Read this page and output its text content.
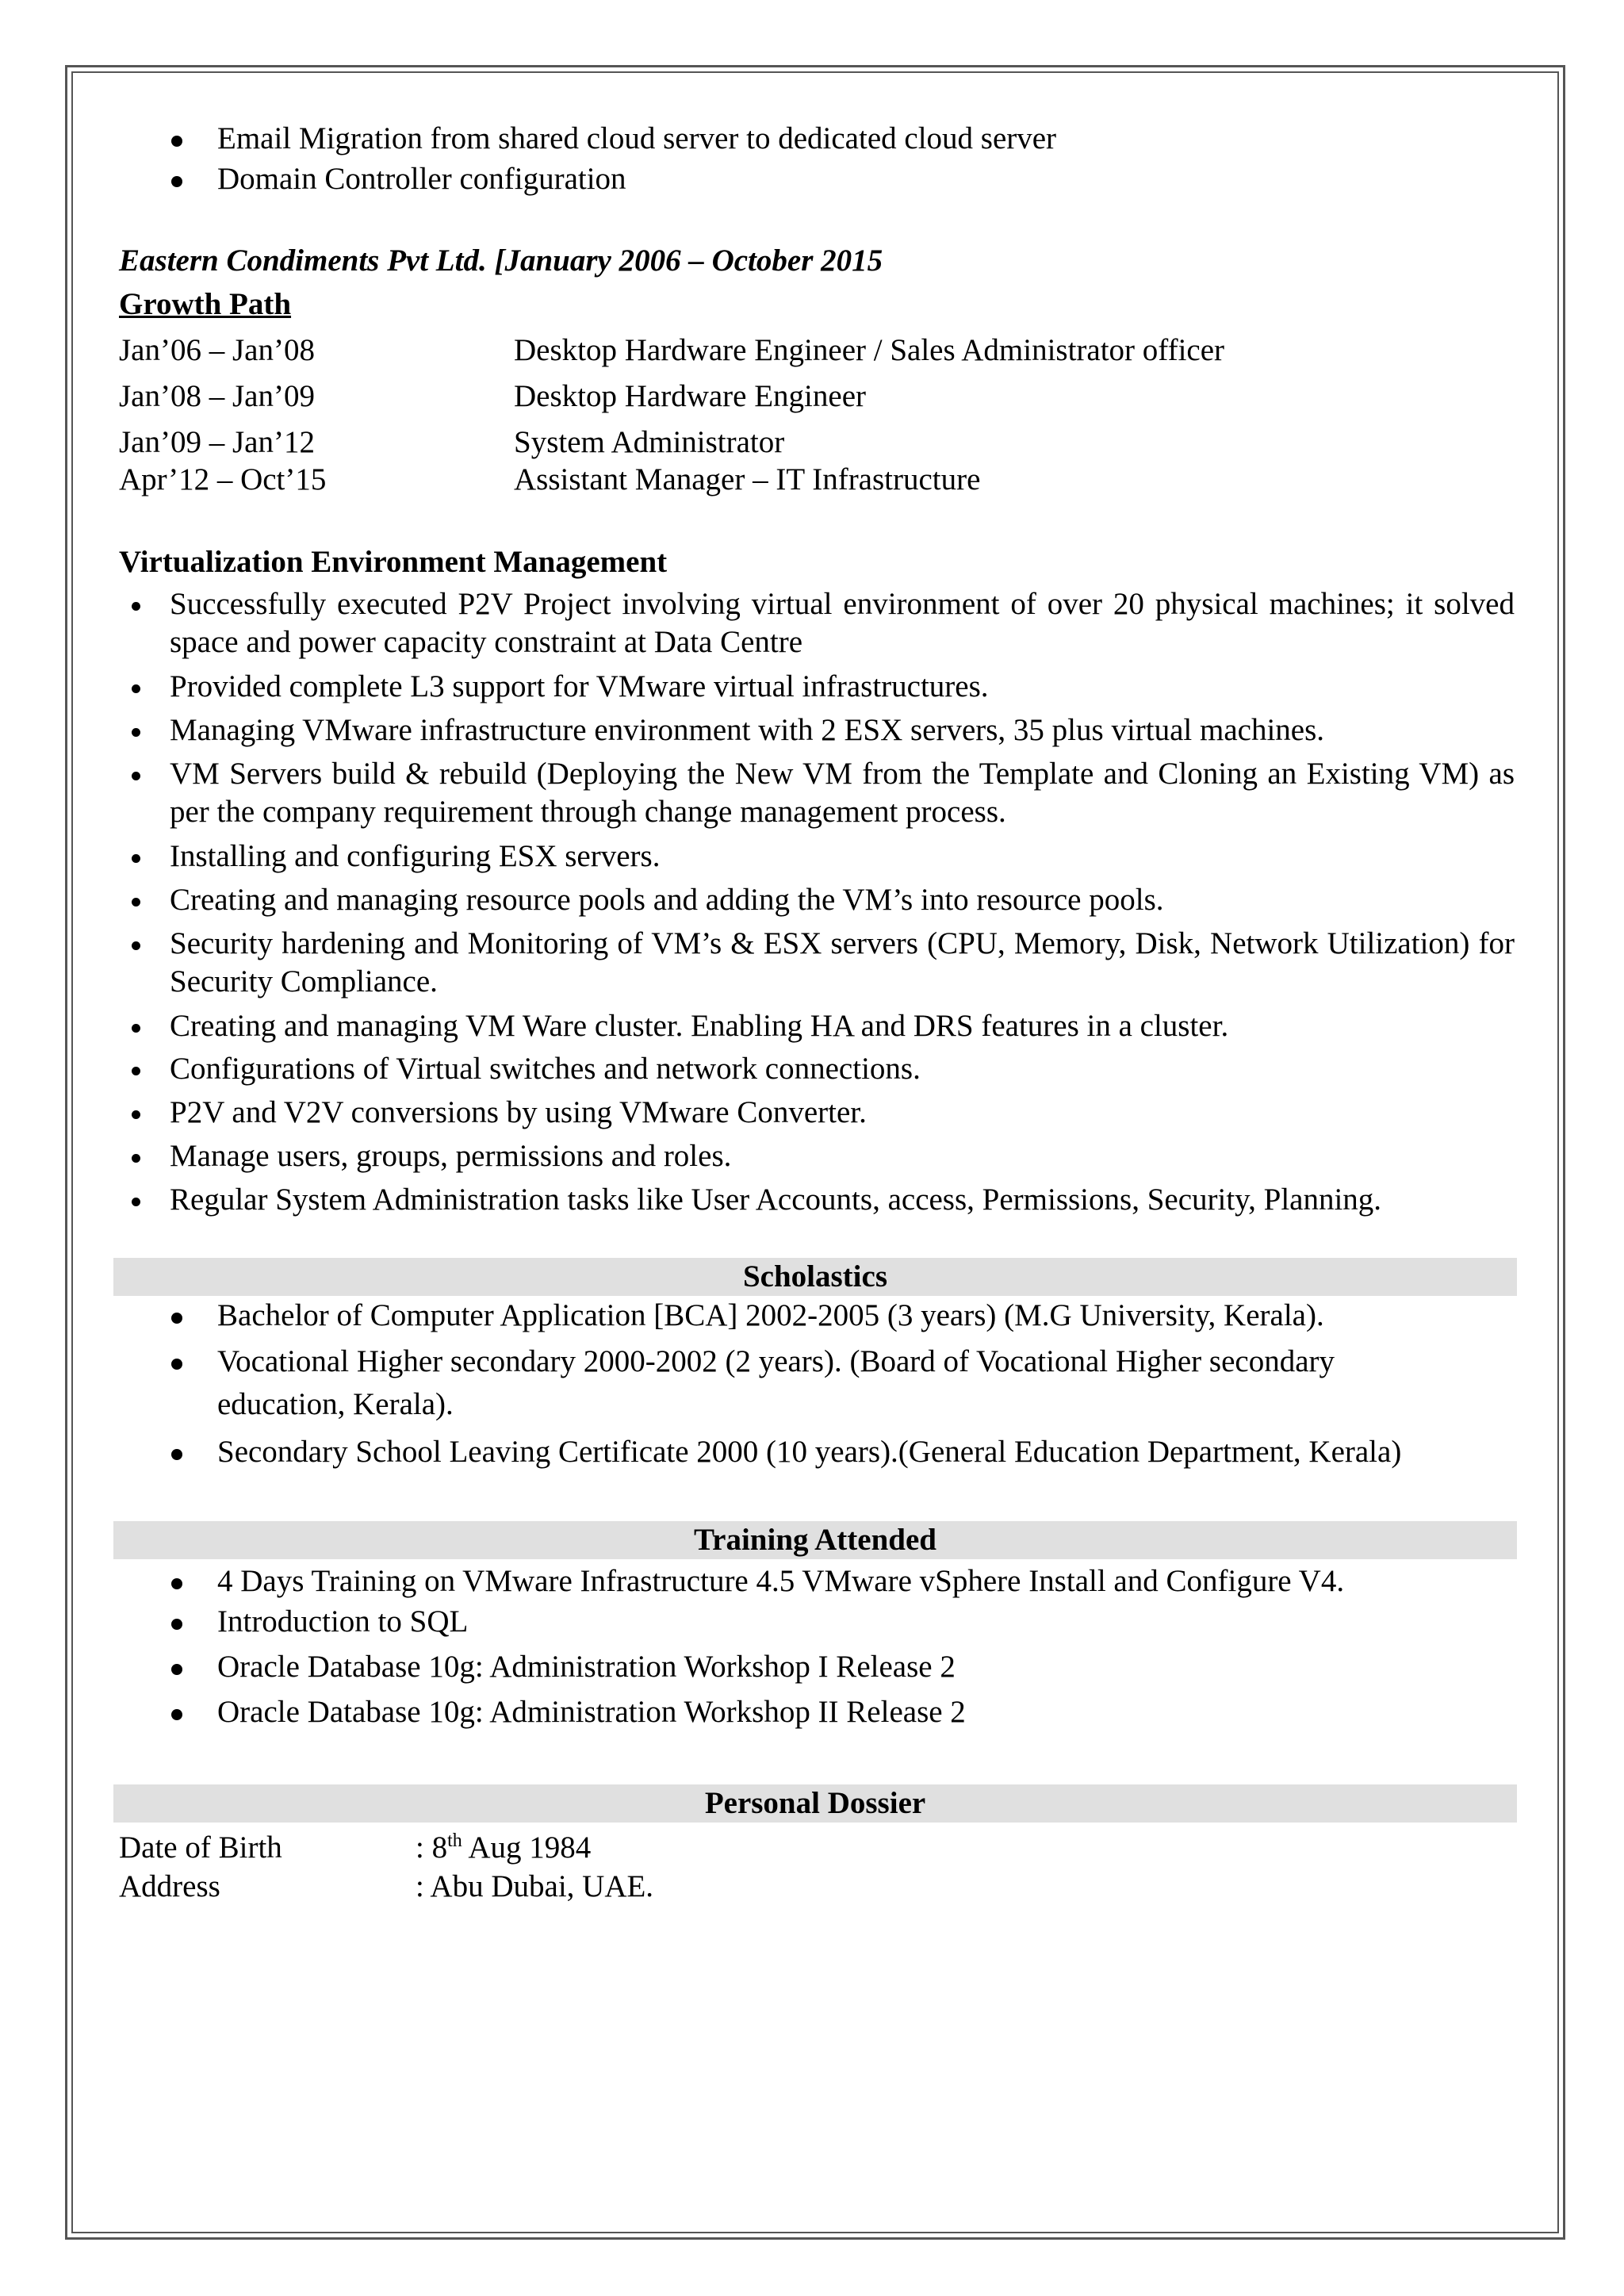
Email Migration from shared cloud server to dedicated cloud server
Domain Controller configuration
Eastern Condiments Pvt Ltd. [January 2006 – October 2015
Growth Path
Jan’06 – Jan’08	Desktop Hardware Engineer / Sales Administrator officer
Jan’08 – Jan’09	Desktop Hardware Engineer
Jan’09 – Jan’12	System Administrator
Apr’12 – Oct’15	Assistant Manager – IT Infrastructure
Virtualization Environment Management
Successfully executed P2V Project involving virtual environment of over 20 physical machines; it solved space and power capacity constraint at Data Centre
Provided complete L3 support for VMware virtual infrastructures.
Managing VMware infrastructure environment with 2 ESX servers, 35 plus virtual machines.
VM Servers build & rebuild (Deploying the New VM from the Template and Cloning an Existing VM) as per the company requirement through change management process.
Installing and configuring ESX servers.
Creating and managing resource pools and adding the VM’s into resource pools.
Security hardening and Monitoring of VM’s & ESX servers (CPU, Memory, Disk, Network Utilization) for Security Compliance.
Creating and managing VM Ware cluster. Enabling HA and DRS features in a cluster.
Configurations of Virtual switches and network connections.
P2V and V2V conversions by using VMware Converter.
Manage users, groups, permissions and roles.
Regular System Administration tasks like User Accounts, access, Permissions, Security, Planning.
Scholastics
Bachelor of Computer Application [BCA] 2002-2005 (3 years) (M.G University, Kerala).
Vocational Higher secondary 2000-2002 (2 years). (Board of Vocational Higher secondary
education, Kerala).
Secondary School Leaving Certificate 2000 (10 years).(General Education Department, Kerala)
Training Attended
4 Days Training on VMware Infrastructure 4.5 VMware vSphere Install and Configure V4.
Introduction to SQL
Oracle Database 10g: Administration Workshop I Release 2
Oracle Database 10g: Administration Workshop II Release 2
Personal Dossier
Date of Birth	: 8th Aug 1984
Address	: Abu Dubai, UAE.
